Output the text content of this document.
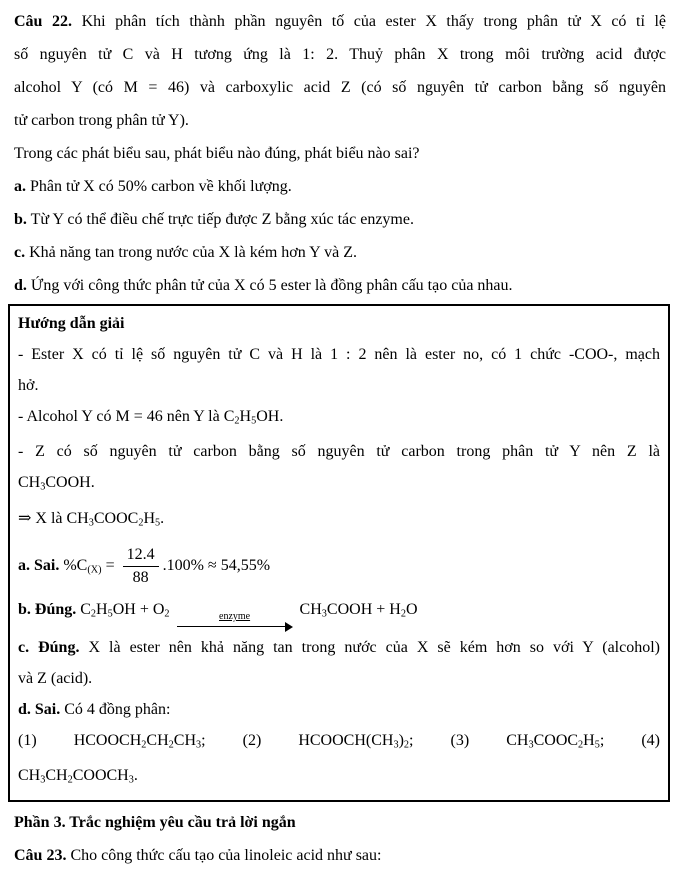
Câu 22. Khi phân tích thành phần nguyên tố của ester X thấy trong phân tử X có tỉ lệ
số nguyên tử C và H tương ứng là 1: 2. Thuỷ phân X trong môi trường acid được
alcohol Y (có M = 46) và carboxylic acid Z (có số nguyên tử carbon bằng số nguyên
tử carbon trong phân tử Y).
Trong các phát biểu sau, phát biểu nào đúng, phát biểu nào sai?
a. Phân tử X có 50% carbon về khối lượng.
b. Từ Y có thể điều chế trực tiếp được Z bằng xúc tác enzyme.
c. Khả năng tan trong nước của X là kém hơn Y và Z.
d. Ứng với công thức phân tử của X có 5 ester là đồng phân cấu tạo của nhau.
Hướng dẫn giải
- Ester X có tỉ lệ số nguyên tử C và H là 1 : 2 nên là ester no, có 1 chức -COO-, mạch
hở.
- Alcohol Y có M = 46 nên Y là C2H5OH.
- Z có số nguyên tử carbon bằng số nguyên tử carbon trong phân tử Y nên Z là
CH3COOH.
⇒ X là CH3COOC2H5.
a. Sai. $\%C(X) = \frac{12.4}{88} .100\% \approx 54,55\%$
b. Đúng. C2H5OH + O2	enzyme	CH3COOH + H2O
c. Đúng. X là ester nên khả năng tan trong nước của X sẽ kém hơn so với Y (alcohol)
và Z (acid).
d. Sai. Có 4 đồng phân:
(1) HCOOCH2CH2CH3; (2) HCOOCH(CH3)2; (3) CH3COOC2H5; (4)
CH3CH2COOCH3.
Phần 3. Trắc nghiệm yêu cầu trả lời ngắn
Câu 23. Cho công thức cấu tạo của linoleic acid như sau:
